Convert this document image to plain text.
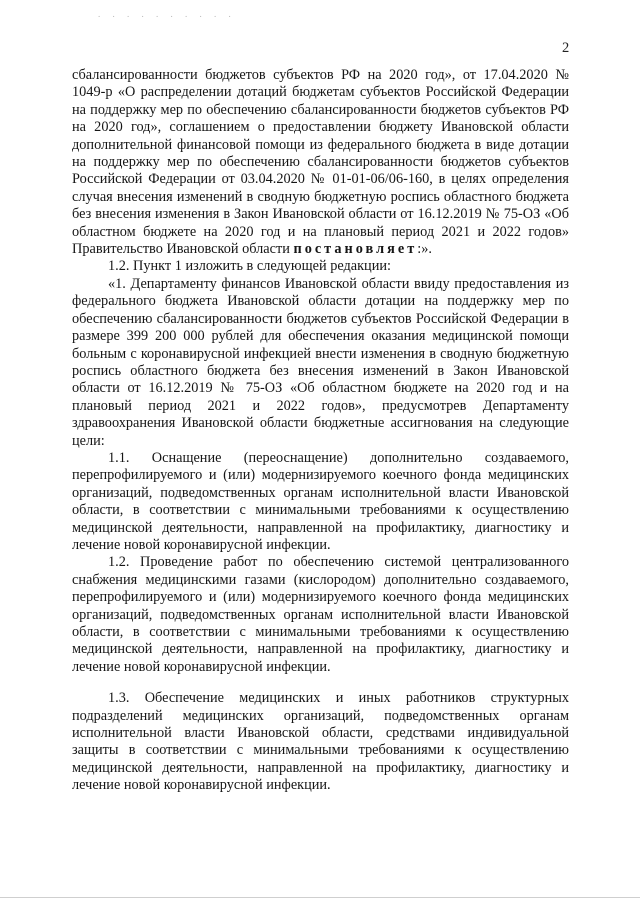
. . . . . . . . . .
2

сбалансированности бюджетов субъектов РФ на 2020 год», от 17.04.2020 № 1049-р «О распределении дотаций бюджетам субъектов Российской Федерации на поддержку мер по обеспечению сбалансированности бюджетов субъектов РФ на 2020 год», соглашением о предоставлении бюджету Ивановской области дополнительной финансовой помощи из федерального бюджета в виде дотации на поддержку мер по обеспечению сбалансированности бюджетов субъектов Российской Федерации от 03.04.2020 № 01-01-06/06-160, в целях определения случая внесения изменений в сводную бюджетную роспись областного бюджета без внесения изменения в Закон Ивановской области от 16.12.2019 № 75-ОЗ «Об областном бюджете на 2020 год и на плановый период 2021 и 2022 годов» Правительство Ивановской области постановляет:».

1.2. Пункт 1 изложить в следующей редакции:

«1. Департаменту финансов Ивановской области ввиду предоставления из федерального бюджета Ивановской области дотации на поддержку мер по обеспечению сбалансированности бюджетов субъектов Российской Федерации в размере 399 200 000 рублей для обеспечения оказания медицинской помощи больным с коронавирусной инфекцией внести изменения в сводную бюджетную роспись областного бюджета без внесения изменений в Закон Ивановской области от 16.12.2019 № 75-ОЗ «Об областном бюджете на 2020 год и на плановый период 2021 и 2022 годов», предусмотрев Департаменту здравоохранения Ивановской области бюджетные ассигнования на следующие цели:

1.1. Оснащение (переоснащение) дополнительно создаваемого, перепрофилируемого и (или) модернизируемого коечного фонда медицинских организаций, подведомственных органам исполнительной власти Ивановской области, в соответствии с минимальными требованиями к осуществлению медицинской деятельности, направленной на профилактику, диагностику и лечение новой коронавирусной инфекции.

1.2. Проведение работ по обеспечению системой централизованного снабжения медицинскими газами (кислородом) дополнительно создаваемого, перепрофилируемого и (или) модернизируемого коечного фонда медицинских организаций, подведомственных органам исполнительной власти Ивановской области, в соответствии с минимальными требованиями к осуществлению медицинской деятельности, направленной на профилактику, диагностику и лечение новой коронавирусной инфекции.

1.3. Обеспечение медицинских и иных работников структурных подразделений медицинских организаций, подведомственных органам исполнительной власти Ивановской области, средствами индивидуальной защиты в соответствии с минимальными требованиями к осуществлению медицинской деятельности, направленной на профилактику, диагностику и лечение новой коронавирусной инфекции.
